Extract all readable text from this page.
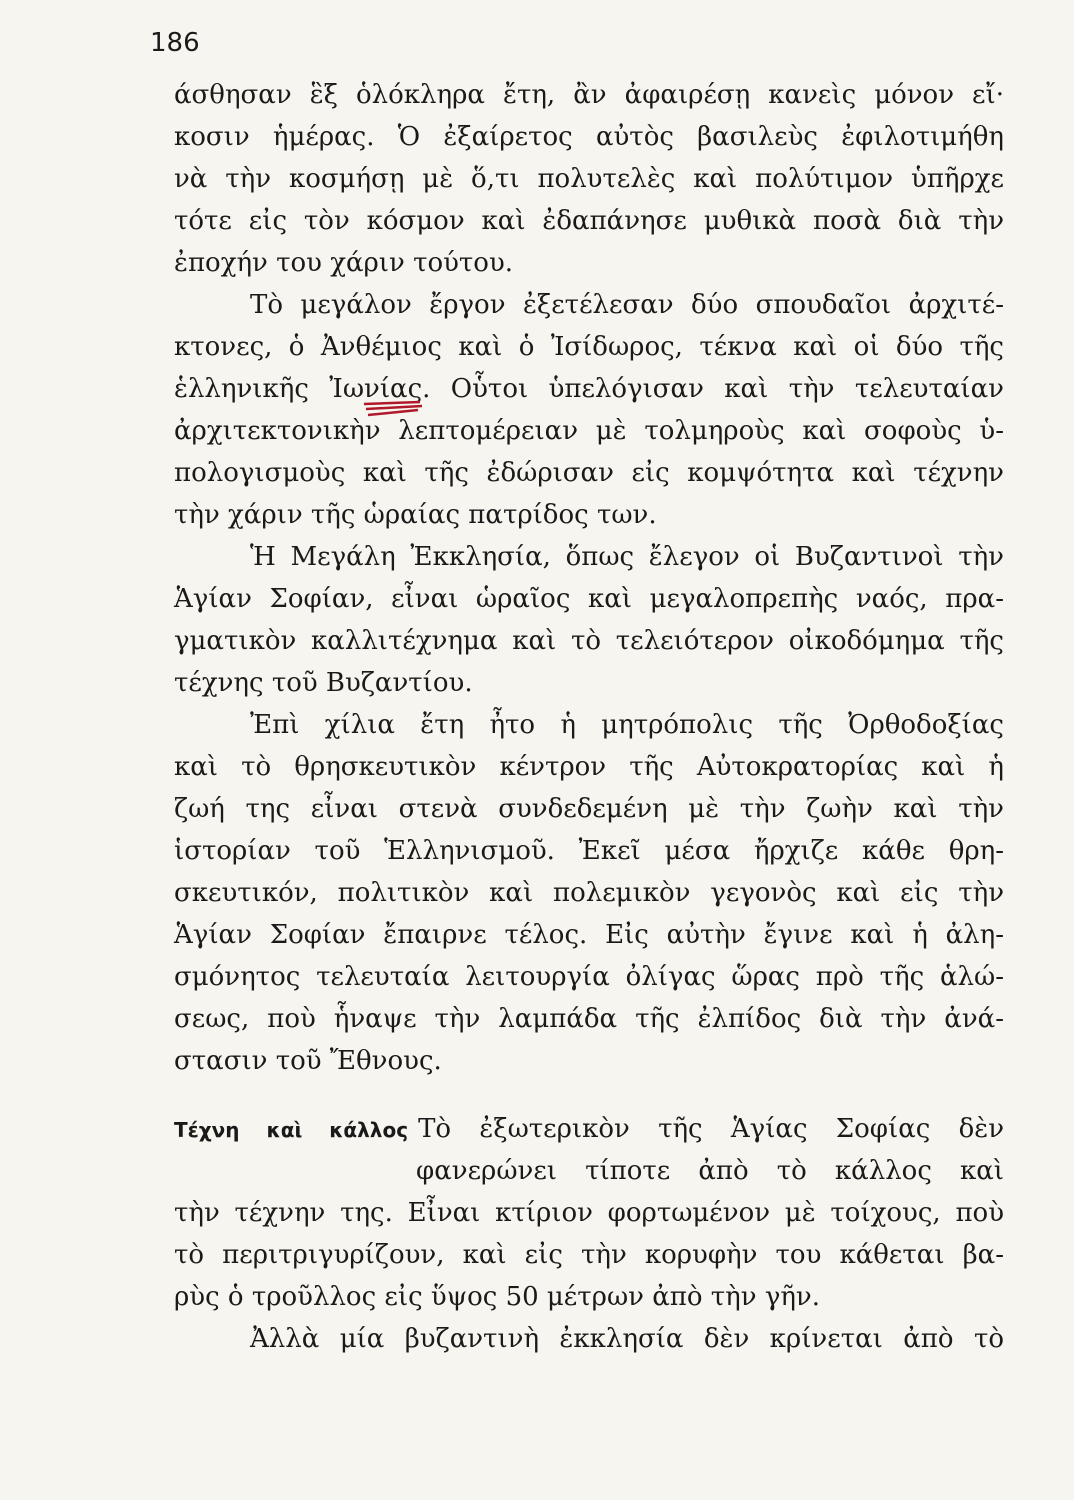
186
άσθησαν ἓξ ὁλόκληρα ἔτη, ἂν ἀφαιρέσῃ κανεὶς μόνον εἴ·
κοσιν ἡμέρας. Ὁ ἐξαίρετος αὐτὸς βασιλεὺς ἐφιλοτιμήθη
νὰ τὴν κοσμήσῃ μὲ ὅ,τι πολυτελὲς καὶ πολύτιμον ὑπῆρχε
τότε εἰς τὸν κόσμον καὶ ἐδαπάνησε μυθικὰ ποσὰ διὰ τὴν
ἐποχήν του χάριν τούτου.
Τὸ μεγάλον ἔργον ἐξετέλεσαν δύο σπουδαῖοι ἀρχιτέ-
κτονες, ὁ Ἀνθέμιος καὶ ὁ Ἰσίδωρος, τέκνα καὶ οἱ δύο τῆς
ἑλληνικῆς Ἰωνίας. Οὗτοι ὑπελόγισαν καὶ τὴν τελευταίαν
ἀρχιτεκτονικὴν λεπτομέρειαν μὲ τολμηροὺς καὶ σοφοὺς ὑ-
πολογισμοὺς καὶ τῆς ἐδώρισαν εἰς κομψότητα καὶ τέχνην
τὴν χάριν τῆς ὡραίας πατρίδος των.
Ἡ Μεγάλη Ἐκκλησία, ὅπως ἔλεγον οἱ Βυζαντινοὶ τὴν
Ἁγίαν Σοφίαν, εἶναι ὡραῖος καὶ μεγαλοπρεπὴς ναός, πρα-
γματικὸν καλλιτέχνημα καὶ τὸ τελειότερον οἰκοδόμημα τῆς
τέχνης τοῦ Βυζαντίου.
Ἐπὶ χίλια ἔτη ἦτο ἡ μητρόπολις τῆς Ὀρθοδοξίας
καὶ τὸ θρησκευτικὸν κέντρον τῆς Αὐτοκρατορίας καὶ ἡ
ζωή της εἶναι στενὰ συνδεδεμένη μὲ τὴν ζωὴν καὶ τὴν
ἱστορίαν τοῦ Ἑλληνισμοῦ. Ἐκεῖ μέσα ἤρχιζε κάθε θρη-
σκευτικόν, πολιτικὸν καὶ πολεμικὸν γεγονὸς καὶ εἰς τὴν
Ἁγίαν Σοφίαν ἔπαιρνε τέλος. Εἰς αὐτὴν ἔγινε καὶ ἡ ἀλη-
σμόνητος τελευταία λειτουργία ὀλίγας ὥρας πρὸ τῆς ἁλώ-
σεως, ποὺ ἧναψε τὴν λαμπάδα τῆς ἐλπίδος διὰ τὴν ἀνά-
στασιν τοῦ Ἔθνους.
Τέχνη καὶ κάλλος Τὸ ἐξωτερικὸν τῆς Ἁγίας Σοφίας δὲν
φανερώνει τίποτε ἀπὸ τὸ κάλλος καὶ
τὴν τέχνην της. Εἶναι κτίριον φορτωμένον μὲ τοίχους, ποὺ
τὸ περιτριγυρίζουν, καὶ εἰς τὴν κορυφὴν του κάθεται βα-
ρὺς ὁ τροῦλλος εἰς ὕψος 50 μέτρων ἀπὸ τὴν γῆν.
Ἀλλὰ μία βυζαντινὴ ἐκκλησία δὲν κρίνεται ἀπὸ τὸ
